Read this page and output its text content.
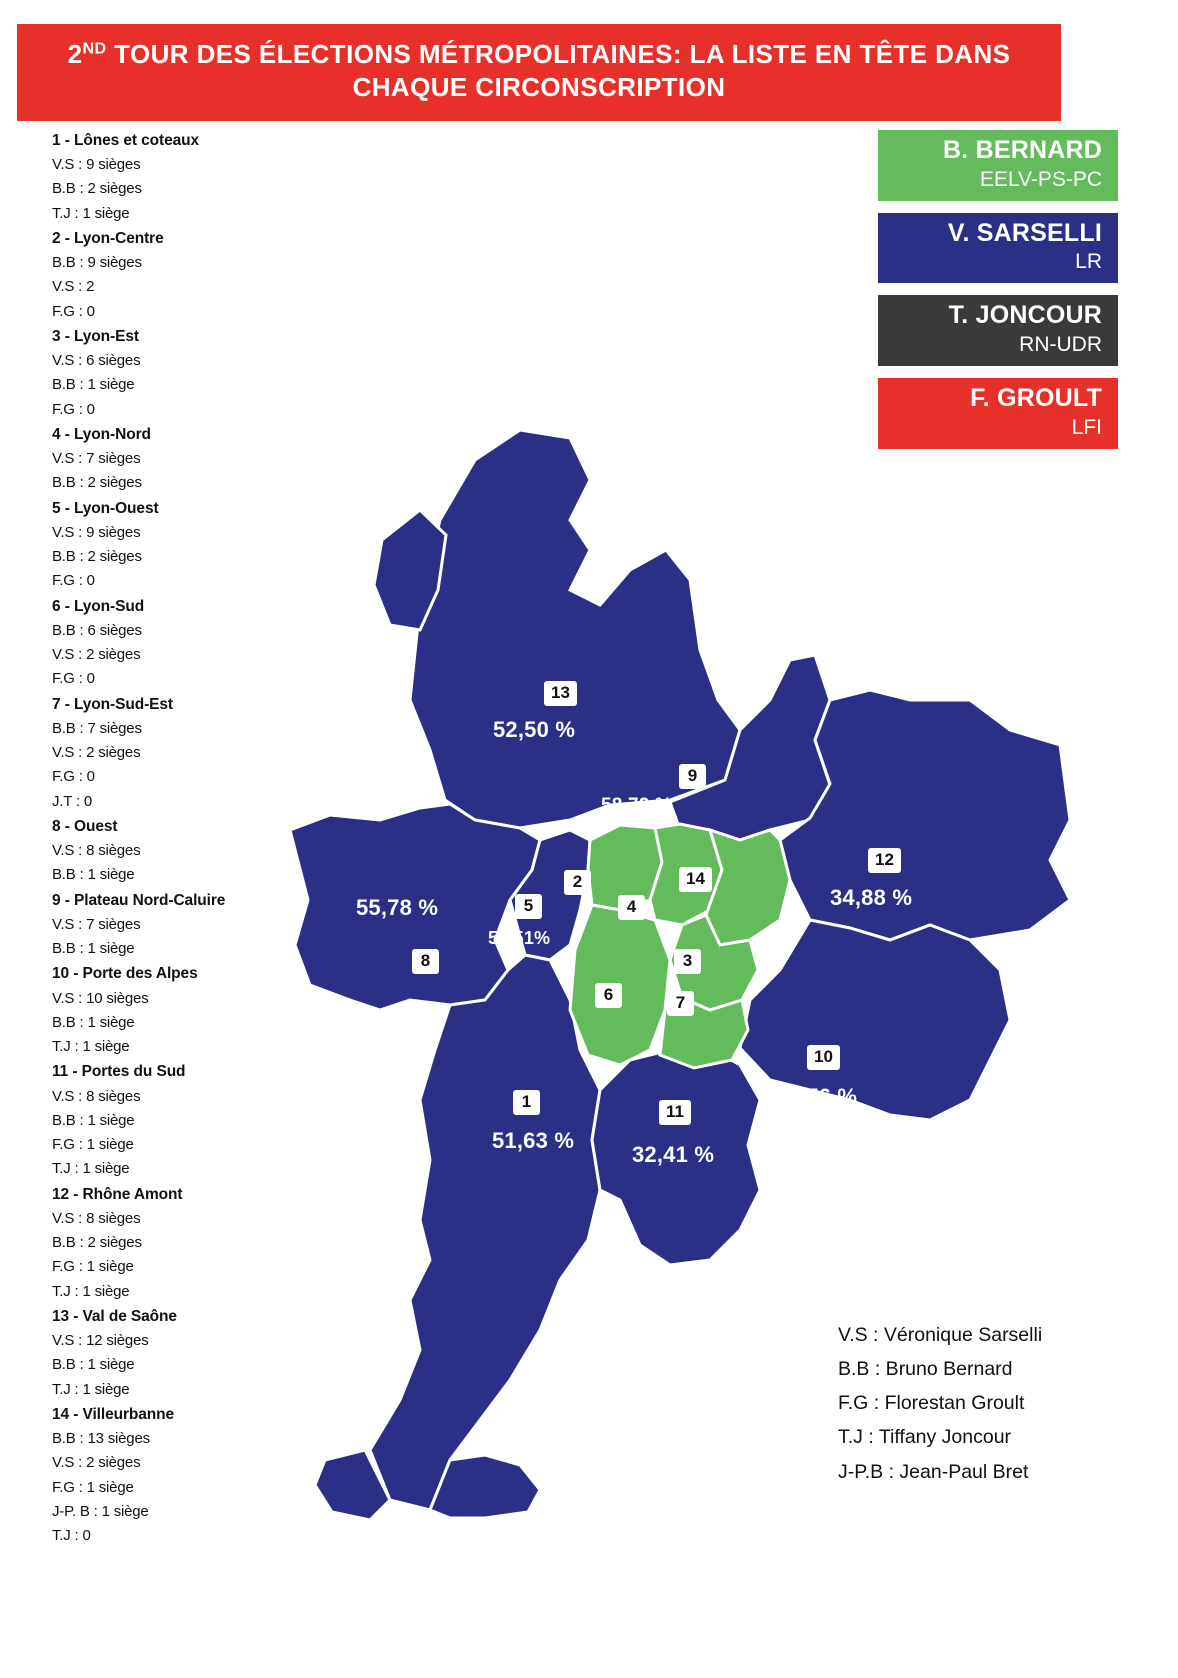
2ND TOUR DES ÉLECTIONS MÉTROPOLITAINES: LA LISTE EN TÊTE DANS CHAQUE CIRCONSCRIPTION
1 - Lônes et coteaux
V.S : 9 sièges
B.B : 2 sièges
T.J : 1 siège
2 - Lyon-Centre
B.B : 9 sièges
V.S : 2
F.G : 0
3 - Lyon-Est
V.S : 6 sièges
B.B : 1 siège
F.G : 0
4 - Lyon-Nord
V.S : 7 sièges
B.B : 2 sièges
5 - Lyon-Ouest
V.S : 9 sièges
B.B : 2 sièges
F.G : 0
6 - Lyon-Sud
B.B : 6 sièges
V.S : 2 sièges
F.G : 0
7 - Lyon-Sud-Est
B.B : 7 sièges
V.S : 2 sièges
F.G : 0
J.T : 0
8 - Ouest
V.S : 8 sièges
B.B : 1 siège
9 - Plateau Nord-Caluire
V.S : 7 sièges
B.B : 1 siège
10 - Porte des Alpes
V.S : 10 sièges
B.B : 1 siège
T.J : 1 siège
11 - Portes du Sud
V.S : 8 sièges
B.B : 1 siège
F.G : 1 siège
T.J : 1 siège
12 - Rhône Amont
V.S : 8 sièges
B.B : 2 sièges
F.G : 1 siège
T.J : 1 siège
13 - Val de Saône
V.S : 12 sièges
B.B : 1 siège
T.J : 1 siège
14 - Villeurbanne
B.B : 13 sièges
V.S : 2 sièges
F.G : 1 siège
J-P. B : 1 siège
T.J : 0
B. BERNARD
EELV-PS-PC
V. SARSELLI
LR
T. JONCOUR
RN-UDR
F. GROULT
LFI
1
2
3
4
5
6	7
8
9
10
11
12
13
14
52,50 %
58,72 %
55,78 %
55,51%
34,88 %
53,76 %
51,63 %
32,41 %
V.S : Véronique Sarselli
B.B : Bruno Bernard
F.G : Florestan Groult
T.J : Tiffany Joncour
J-P.B : Jean-Paul Bret
